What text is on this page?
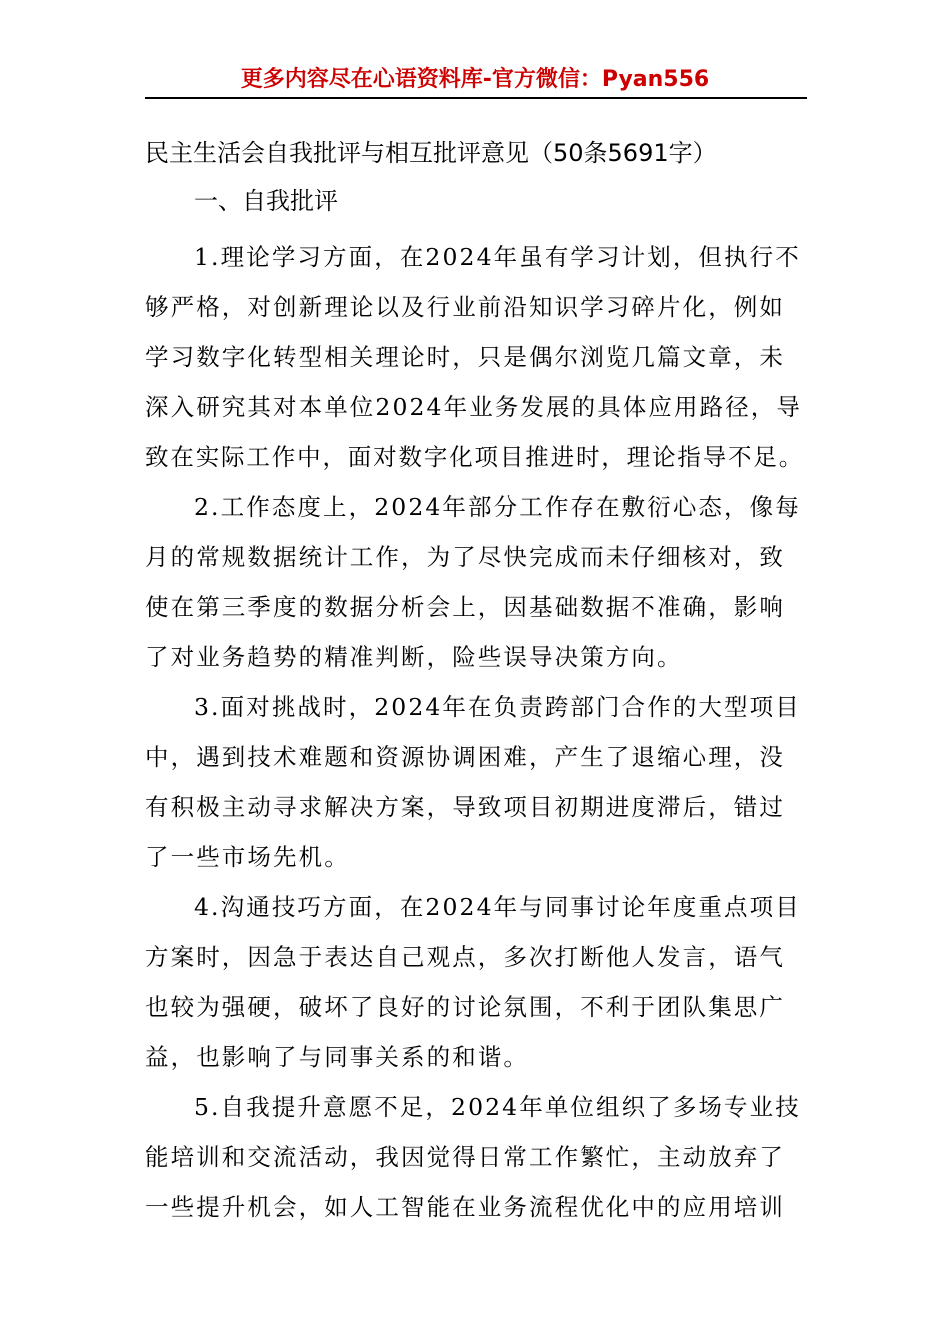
更多内容尽在心语资料库-官方微信：Pyan556
民主生活会自我批评与相互批评意见（50条5691字）
一、自我批评
1.理论学习方面，在2024年虽有学习计划，但执行不
够严格，对创新理论以及行业前沿知识学习碎片化，例如
学习数字化转型相关理论时，只是偶尔浏览几篇文章，未
深入研究其对本单位2024年业务发展的具体应用路径，导
致在实际工作中，面对数字化项目推进时，理论指导不足。
2.工作态度上，2024年部分工作存在敷衍心态，像每
月的常规数据统计工作，为了尽快完成而未仔细核对，致
使在第三季度的数据分析会上，因基础数据不准确，影响
了对业务趋势的精准判断，险些误导决策方向。
3.面对挑战时，2024年在负责跨部门合作的大型项目
中，遇到技术难题和资源协调困难，产生了退缩心理，没
有积极主动寻求解决方案，导致项目初期进度滞后，错过
了一些市场先机。
4.沟通技巧方面，在2024年与同事讨论年度重点项目
方案时，因急于表达自己观点，多次打断他人发言，语气
也较为强硬，破坏了良好的讨论氛围，不利于团队集思广
益，也影响了与同事关系的和谐。
5.自我提升意愿不足，2024年单位组织了多场专业技
能培训和交流活动，我因觉得日常工作繁忙，主动放弃了
一些提升机会，如人工智能在业务流程优化中的应用培训
